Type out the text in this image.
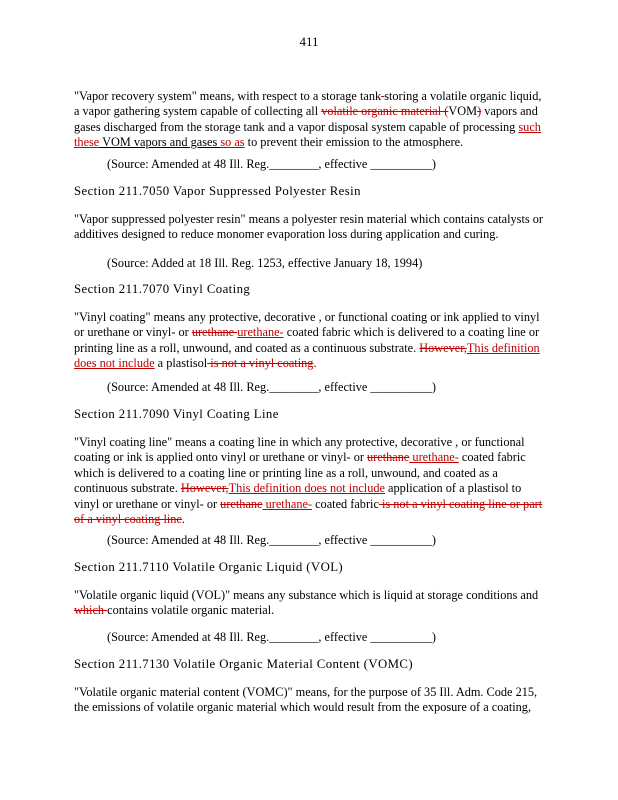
411
"Vapor recovery system" means, with respect to a storage tank storing a volatile organic liquid, a vapor gathering system capable of collecting all volatile organic material (VOM) vapors and gases discharged from the storage tank and a vapor disposal system capable of processing such these VOM vapors and gases so as to prevent their emission to the atmosphere.
(Source: Amended at 48 Ill. Reg.________, effective __________)
Section 211.7050 Vapor Suppressed Polyester Resin
"Vapor suppressed polyester resin" means a polyester resin material which contains catalysts or additives designed to reduce monomer evaporation loss during application and curing.
(Source: Added at 18 Ill. Reg. 1253, effective January 18, 1994)
Section 211.7070 Vinyl Coating
"Vinyl coating" means any protective, decorative , or functional coating or ink applied to vinyl or urethane or vinyl- or urethane urethane- coated fabric which is delivered to a coating line or printing line as a roll, unwound, and coated as a continuous substrate. However,This definition does not include a plastisol is not a vinyl coating.
(Source: Amended at 48 Ill. Reg.________, effective __________)
Section 211.7090 Vinyl Coating Line
"Vinyl coating line" means a coating line in which any protective, decorative , or functional coating or ink is applied onto vinyl or urethane or vinyl- or urethane urethane- coated fabric which is delivered to a coating line or printing line as a roll, unwound, and coated as a continuous substrate. However,This definition does not include application of a plastisol to vinyl or urethane or vinyl- or urethane urethane- coated fabric is not a vinyl coating line or part of a vinyl coating line.
(Source: Amended at 48 Ill. Reg.________, effective __________)
Section 211.7110 Volatile Organic Liquid (VOL)
"Volatile organic liquid (VOL)" means any substance which is liquid at storage conditions and which contains volatile organic material.
(Source: Amended at 48 Ill. Reg.________, effective __________)
Section 211.7130 Volatile Organic Material Content (VOMC)
"Volatile organic material content (VOMC)" means, for the purpose of 35 Ill. Adm. Code 215, the emissions of volatile organic material which would result from the exposure of a coating,
